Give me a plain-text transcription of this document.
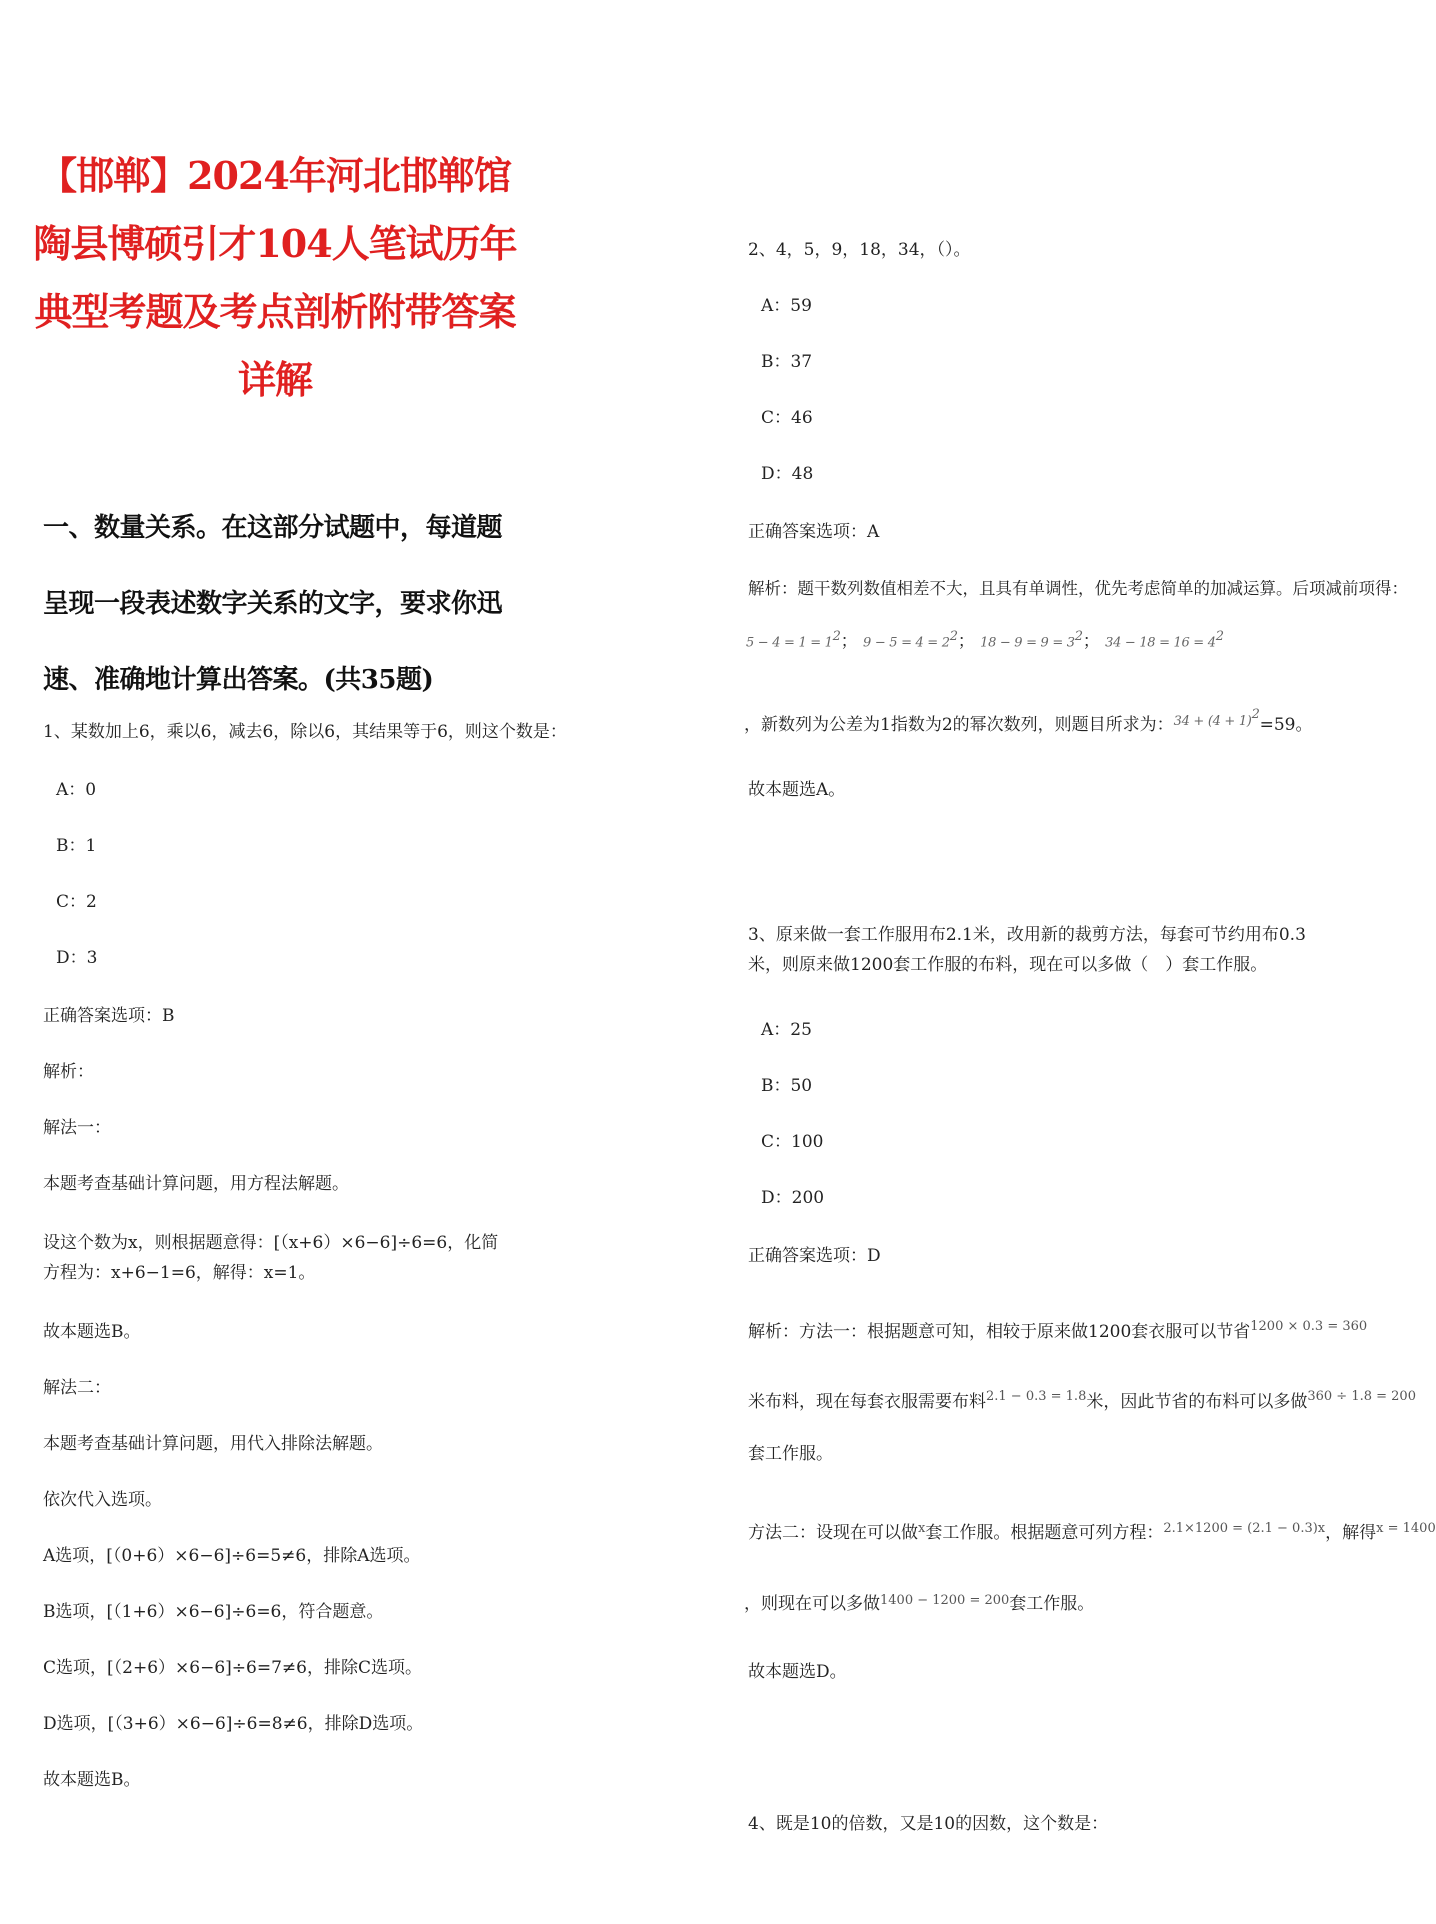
【邯郸】2024年河北邯郸馆陶县博硕引才104人笔试历年典型考题及考点剖析附带答案详解
一、数量关系。在这部分试题中，每道题呈现一段表述数字关系的文字，要求你迅速、准确地计算出答案。(共35题)

1、某数加上6，乘以6，减去6，除以6，其结果等于6，则这个数是：

A：0

B：1

C：2

D：3

正确答案选项：B

解析：

解法一：

本题考查基础计算问题，用方程法解题。

设这个数为x，则根据题意得：[（x+6）×6−6]÷6=6，化简方程为：x+6−1=6，解得：x=1。

故本题选B。

解法二：

本题考查基础计算问题，用代入排除法解题。

依次代入选项。

A选项，[（0+6）×6−6]÷6=5≠6，排除A选项。

B选项，[（1+6）×6−6]÷6=6，符合题意。

C选项，[（2+6）×6−6]÷6=7≠6，排除C选项。

D选项，[（3+6）×6−6]÷6=8≠6，排除D选项。

故本题选B。

2、4，5，9，18，34，（）。

A：59

B：37

C：46

D：48

正确答案选项：A

解析：题干数列数值相差不大，且具有单调性，优先考虑简单的加减运算。后项减前项得：

$5 - 4 = 1 = 1^2$； $9 - 5 = 4 = 2^2$； $18 - 9 = 9 = 3^2$； $34 - 18 = 16 = 4^2$

，新数列为公差为1指数为2的幂次数列，则题目所求为：$^{34 + (4 + 1)2}$=59。

故本题选A。

3、原来做一套工作服用布2.1米，改用新的裁剪方法，每套可节约用布0.3米，则原来做1200套工作服的布料，现在可以多做（　）套工作服。

A：25

B：50

C：100

D：200

正确答案选项：D

解析：方法一：根据题意可知，相较于原来做1200套衣服可以节省$^{1200 \times 0.3 = 360}$

米布料，现在每套衣服需要布料$^{2.1 - 0.3 = 1.8}$米，因此节省的布料可以多做$^{360 \div 1.8 = 200}$

套工作服。

方法二：设现在可以做$^x$套工作服。根据题意可列方程：$^{2.1\times 1200 = (2.1 - 0.3)x}$，解得$^{x = 1400}$

，则现在可以多做$^{1400 - 1200 = 200}$套工作服。

故本题选D。

4、既是10的倍数，又是10的因数，这个数是：
